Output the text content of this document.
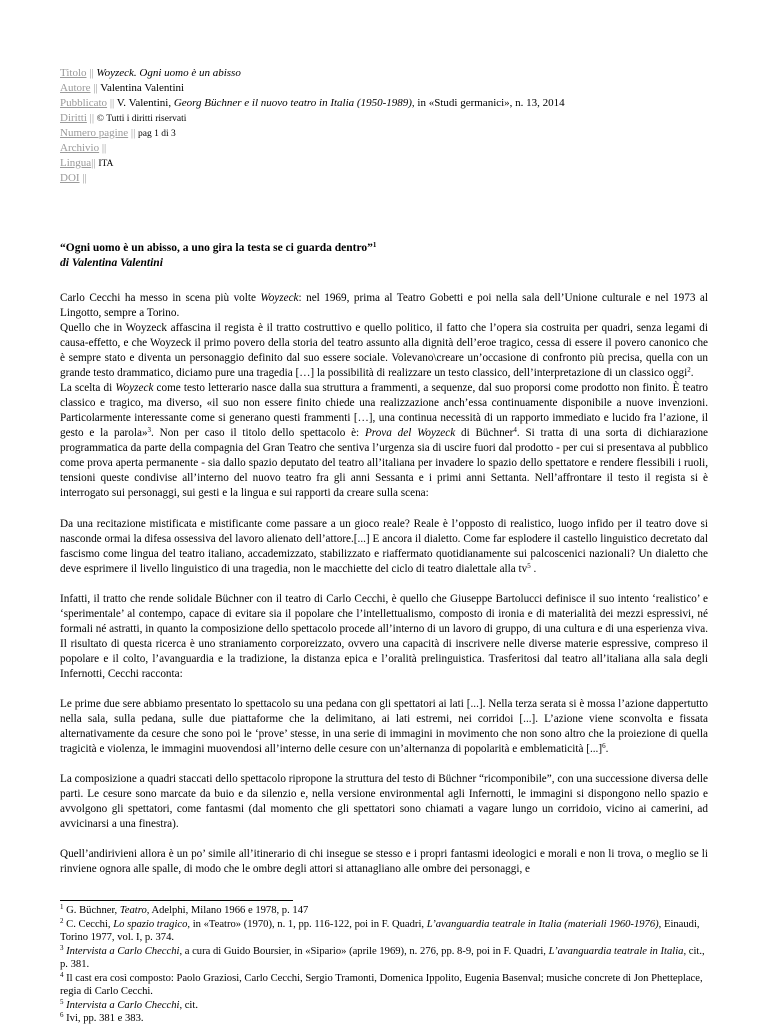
Titolo || Woyzeck. Ogni uomo è un abisso
Autore || Valentina Valentini
Pubblicato || V. Valentini, Georg Büchner e il nuovo teatro in Italia (1950-1989), in «Studi germanici», n. 13, 2014
Diritti || © Tutti i diritti riservati
Numero pagine || pag 1 di 3
Archivio ||
Lingua|| ITA
DOI ||
“Ogni uomo è un abisso, a uno gira la testa se ci guarda dentro”$^1$
di Valentina Valentini

Carlo Cecchi ha messo in scena più volte Woyzeck: nel 1969, prima al Teatro Gobetti e poi nella sala dell’Unione culturale e nel 1973 al Lingotto, sempre a Torino.

Quello che in Woyzeck affascina il regista è il tratto costruttivo e quello politico, il fatto che l’opera sia costruita per quadri, senza legami di causa-effetto, e che Woyzeck il primo povero della storia del teatro assunto alla dignità dell’eroe tragico, cessa di essere il povero canonico che è sempre stato e diventa un personaggio definito dal suo essere sociale. Volevano\creare un’occasione di confronto più precisa, quella con un grande testo drammatico, diciamo pure una tragedia […] la possibilità di realizzare un testo classico, dell’interpretazione di un classico oggi$^2$.

La scelta di Woyzeck come testo letterario nasce dalla sua struttura a frammenti, a sequenze, dal suo proporsi come prodotto non finito. È teatro classico e tragico, ma diverso, «il suo non essere finito chiede una realizzazione anch’essa continuamente disponibile a nuove invenzioni. Particolarmente interessante come si generano questi frammenti […], una continua necessità di un rapporto immediato e lucido fra l’azione, il gesto e la parola»$^3$. Non per caso il titolo dello spettacolo è: Prova del Woyzeck di Büchner$^4$. Si tratta di una sorta di dichiarazione programmatica da parte della compagnia del Gran Teatro che sentiva l’urgenza sia di uscire fuori dal prodotto - per cui si presentava al pubblico come prova aperta permanente - sia dallo spazio deputato del teatro all’italiana per invadere lo spazio dello spettatore e rendere flessibili i ruoli, tensioni queste condivise all’interno del nuovo teatro fra gli anni Sessanta e i primi anni Settanta. Nell’affrontare il testo il regista si è interrogato sui personaggi, sui gesti e la lingua e sui rapporti da creare sulla scena:

Da una recitazione mistificata e mistificante come passare a un gioco reale? Reale è l’opposto di realistico, luogo infido per il teatro dove si nasconde ormai la difesa ossessiva del lavoro alienato dell’attore.[...] E ancora il dialetto. Come far esplodere il castello linguistico decretato dal fascismo come lingua del teatro italiano, accademizzato, stabilizzato e riaffermato quotidianamente sui palcoscenici nazionali? Un dialetto che deve esprimere il livello linguistico di una tragedia, non le macchiette del ciclo di teatro dialettale alla $tv^5$ .

Infatti, il tratto che rende solidale Büchner con il teatro di Carlo Cecchi, è quello che Giuseppe Bartolucci definisce il suo intento ‘realistico’ e ‘sperimentale’ al contempo, capace di evitare sia il popolare che l’intellettualismo, composto di ironia e di materialità dei mezzi espressivi, né formali né astratti, in quanto la composizione dello spettacolo procede all’interno di un lavoro di gruppo, di una cultura e di una esperienza viva. Il risultato di questa ricerca è uno straniamento corporeizzato, ovvero una capacità di inscrivere nelle diverse materie espressive, compreso il popolare e il colto, l’avanguardia e la tradizione, la distanza epica e l’oralità prelinguistica. Trasferitosi dal teatro all’italiana alla sala degli Infernotti, Cecchi racconta:

Le prime due sere abbiamo presentato lo spettacolo su una pedana con gli spettatori ai lati [...]. Nella terza serata si è mossa l’azione dappertutto nella sala, sulla pedana, sulle due piattaforme che la delimitano, ai lati estremi, nei corridoi [...]. L’azione viene sconvolta e fissata alternativamente da cesure che sono poi le ‘prove’ stesse, in una serie di immagini in movimento che non sono altro che la proiezione di quella tragicità e violenza, le immagini muovendosi all’interno delle cesure con un’alternanza di popolarità e emblematicità [...]$^6$.

La composizione a quadri staccati dello spettacolo ripropone la struttura del testo di Büchner “ricomponibile”, con una successione diversa delle parti. Le cesure sono marcate da buio e da silenzio e, nella versione environmental agli Infernotti, le immagini si dispongono nello spazio e avvolgono gli spettatori, come fantasmi (dal momento che gli spettatori sono chiamati a vagare lungo un corridoio, vicino ai camerini, ad avvicinarsi a una finestra).

Quell’andirivieni allora è un po’ simile all’itinerario di chi insegue se stesso e i propri fantasmi ideologici e morali e non li trova, o meglio se li rinviene ognora alle spalle, di modo che le ombre degli attori si attanagliano alle ombre dei personaggi, e

$^1$ G. Büchner, Teatro, Adelphi, Milano 1966 e 1978, p. 147
$^2$ C. Cecchi, Lo spazio tragico, in «Teatro» (1970), n. 1, pp. 116-122, poi in F. Quadri, L’avanguardia teatrale in Italia (materiali 1960-1976), Einaudi, Torino 1977, vol. I, p. 374.
$^3$ Intervista a Carlo Checchi, a cura di Guido Boursier, in «Sipario» (aprile 1969), n. 276, pp. 8-9, poi in F. Quadri, L’avanguardia teatrale in Italia, cit., p. 381.
$^4$ Il cast era così composto: Paolo Graziosi, Carlo Cecchi, Sergio Tramonti, Domenica Ippolito, Eugenia Basenval; musiche concrete di Jon Phetteplace, regia di Carlo Cecchi.
$^5$ Intervista a Carlo Checchi, cit.
$^6$ Ivi, pp. 381 e 383.
